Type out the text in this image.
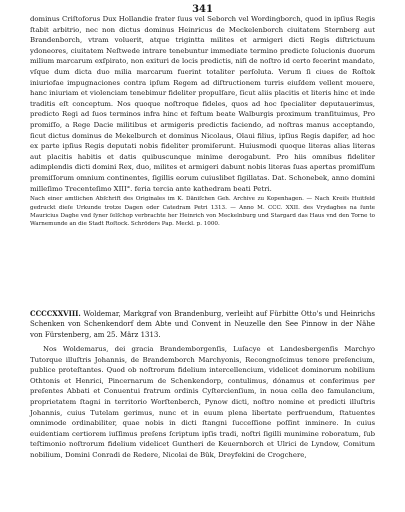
341
dominus Criſtoforus Dux Hollandie frater ſuus vel Seborch vel Wordingborch, quod in ipſius Regis ſtabit arbitrio, nec non dictus dominus Heinricus de Meckelenborch ciuitatem Sternberg aut Brandenborch, vtram voluerit, atque trigintta milites et armigeri dicti Regis diſtrictuum ydoneores, ciuitatem Neſtwede intrare tenebuntur immediate termino predicte ſolucionis duorum milium marcarum exſpirato, non exituri de locis predictis, niſi de noſtro id certo fecerint mandato, vſque dum dicta duo milia marcarum fuerint totaliter perſoluta. Verum ſi ciues de Roſtok iniuriofae impugnaciones contra ipſum Regem ad diſtructionem turris eiuſdem vellent mouere, hanc iniuriam et violenciam tenebimur fideliter propulſare, ſicut aliis placitis et literis hinc et inde traditis eſt conceptum. Nos quoque noſtroque fideles, quos ad hoc ſpecialiter deputauerimus, predicto Regi ad ſuos terminos infra hinc et feſtum beate Walburgis proximum tranſituimus, Pro promiſſo, a Rege Dacie militibus et armigeris predictis faciendo, ad noſtras manus acceptando, ſicut dictus dominus de Mekelburch et dominus Nicolaus, Olaui filius, ipſius Regis dapifer, ad hoc ex parte ipſius Regis deputati nobis fideliter promiſerunt. Huiusmodi quoque literas alias literas aut placitis habitis et datis quibuscunque minime derogabunt. Pro hiis omnibus fideliter adimplendis dicti domini Rex, duo, milites et armigeri dabunt nobis literas ſuas apertas promiſſum premiſſorum omnium continentes, ſigillis eorum cuiuslibet ſigillatas. Dat. Schonebek, anno domini milleſimo Trecenteſimo XIII°. feria tercia ante kathedram beati Petri.
Nach einer amtlichen Abſchrift des Originales im K. Däniſchen Geh. Archive zu Kopenhagen. — Nach Kreiſs Huitfeld gedruckt dieſe Urkunde trotze Dagen oder Catedram Petri 1313. — Anno M. CCC. XXII. des Vrydaghes na ſunte Mauricius Daghe vnd ſyner ſelſchop verbrachte her Heinrich von Meckelnburg und Stargard das Haus vnd den Torne to Warnemunde an die Stadt Roſtock. Schröders Pap. Meckl. p. 1000.
CCCCXXVIII. Woldemar, Markgraf von Brandenburg, verleiht auf Fürbitte Otto's und Heinrichs Schenken von Schenkendorf dem Abte und Convent in Neuzelle den See Pinnow in der Nähe von Fürstenberg, am 25. März 1313.
Nos Woldemarus, dei gracia Brandemborgenſis, Luſacye et Landesbergenſis Marchyo Tutorque illuſtris Johannis, de Brandemborch Marchyonis, Recongnoſcimus tenore preſencium, publice proteſtantes. Quod ob noſtrorum fidelium intercellencium, videlicet dominorum nobilium Othtonis et Henrici, Pincernarum de Schenkendorp, contulimus, dónamus et conferimus per preſentes Abbati et Conuentui fratrum ordinis Cyſtercienſium, in noua cella deo famulancium, proprietatem ſtagni in territorio Worſtenberch, Pynow dicti, noſtro nomine et predicti illuſtris Johannis, cuius Tutelam gerimus, nunc et in euum plena libertate perfruendum, ſtatuentes omnimode ordinabiliter, quae nobis in dicti ſtangni ſucceſſione poſſint inminere. In cuius euidentiam certiorem iuſſimus preſens ſcriptum ipſis tradi, noſtri ſigilli munimine roboratum, ſub teſtimonio noſtrorum fidelium videlicet Guntheri de Keuernborch et Ulrici de Lyndow, Comitum nobilium, Domini Conradi de Redere, Nicolai de Bük, Dreyfekini de Crogchere,
